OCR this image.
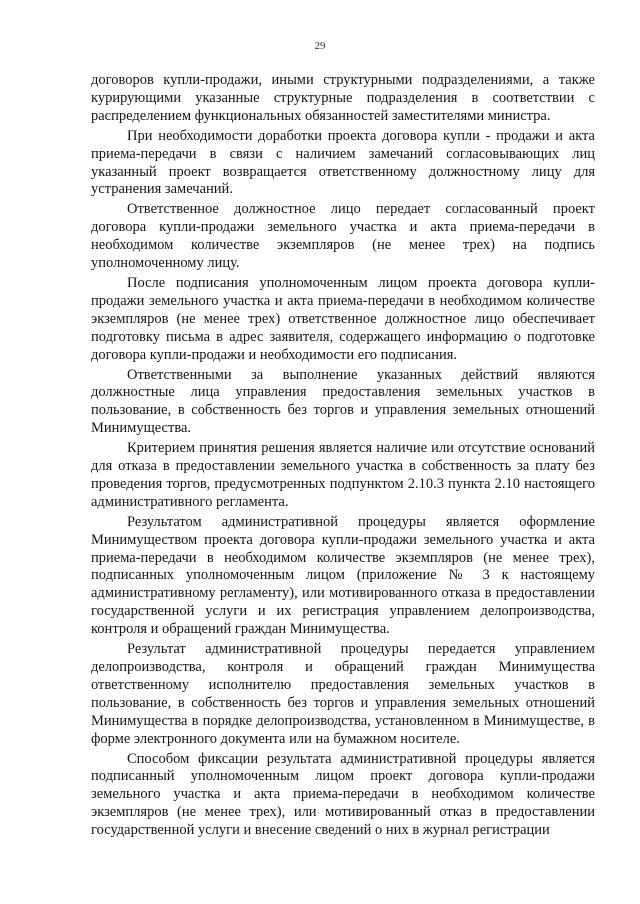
29

договоров купли-продажи, иными структурными подразделениями, а также курирующими указанные структурные подразделения в соответствии с распределением функциональных обязанностей заместителями министра.

При необходимости доработки проекта договора купли - продажи и акта приема-передачи в связи с наличием замечаний согласовывающих лиц указанный проект возвращается ответственному должностному лицу для устранения замечаний.

Ответственное должностное лицо передает согласованный проект договора купли-продажи земельного участка и акта приема-передачи в необходимом количестве экземпляров (не менее трех) на подпись уполномоченному лицу.

После подписания уполномоченным лицом проекта договора купли-продажи земельного участка и акта приема-передачи в необходимом количестве экземпляров (не менее трех) ответственное должностное лицо обеспечивает подготовку письма в адрес заявителя, содержащего информацию о подготовке договора купли-продажи и необходимости его подписания.

Ответственными за выполнение указанных действий являются должностные лица управления предоставления земельных участков в пользование, в собственность без торгов и управления земельных отношений Минимущества.

Критерием принятия решения является наличие или отсутствие оснований для отказа в предоставлении земельного участка в собственность за плату без проведения торгов, предусмотренных подпунктом 2.10.3 пункта 2.10 настоящего административного регламента.

Результатом административной процедуры является оформление Минимуществом проекта договора купли-продажи земельного участка и акта приема-передачи в необходимом количестве экземпляров (не менее трех), подписанных уполномоченным лицом (приложение № 3 к настоящему административному регламенту), или мотивированного отказа в предоставлении государственной услуги и их регистрация управлением делопроизводства, контроля и обращений граждан Минимущества.

Результат административной процедуры передается управлением делопроизводства, контроля и обращений граждан Минимущества ответственному исполнителю предоставления земельных участков в пользование, в собственность без торгов и управления земельных отношений Минимущества в порядке делопроизводства, установленном в Минимуществе, в форме электронного документа или на бумажном носителе.

Способом фиксации результата административной процедуры является подписанный уполномоченным лицом проект договора купли-продажи земельного участка и акта приема-передачи в необходимом количестве экземпляров (не менее трех), или мотивированный отказ в предоставлении государственной услуги и внесение сведений о них в журнал регистрации
